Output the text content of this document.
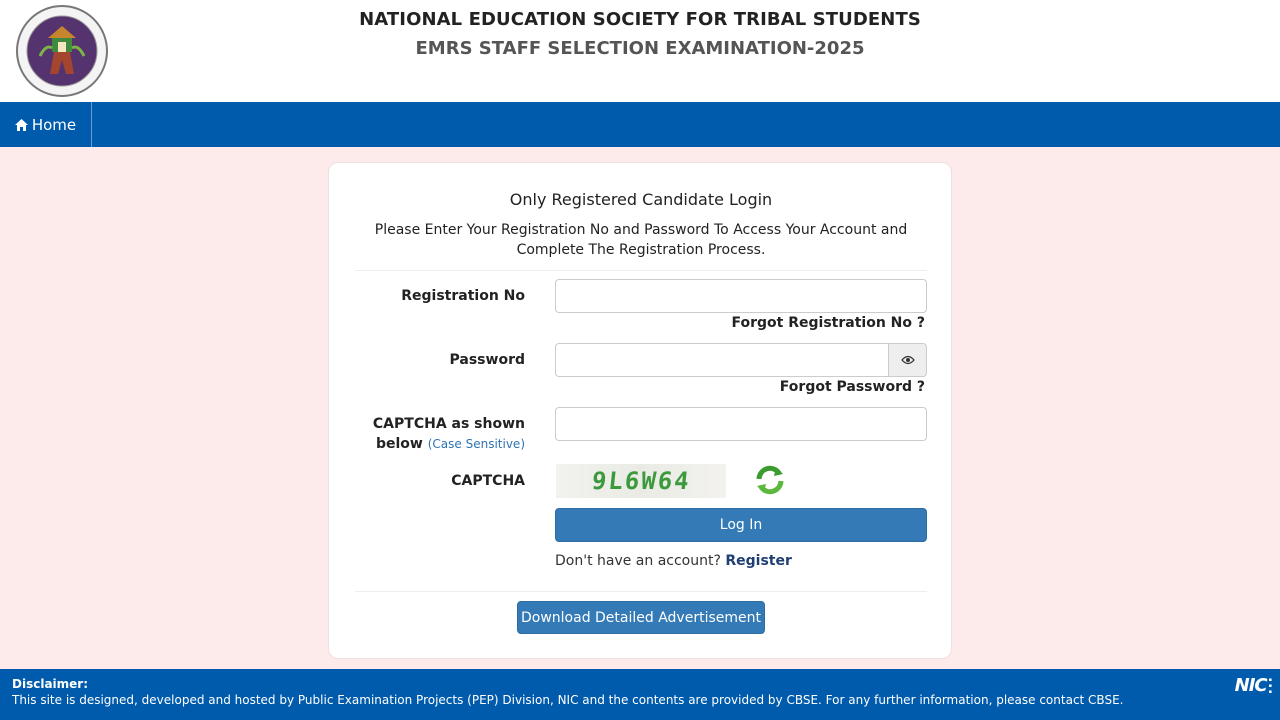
NATIONAL EDUCATION SOCIETY FOR TRIBAL STUDENTS
EMRS STAFF SELECTION EXAMINATION-2025
Home
Only Registered Candidate Login
Please Enter Your Registration No and Password To Access Your Account and Complete The Registration Process.
Registration No
Forgot Registration No ?
Password
Forgot Password ?
CAPTCHA as shown
below (Case Sensitive)
CAPTCHA	9L6W64
Log In
Don't have an account? Register
Download Detailed Advertisement
Disclaimer:
This site is designed, developed and hosted by Public Examination Projects (PEP) Division, NIC and the contents are provided by CBSE. For any further information, please contact CBSE.
NIC ▪
▪
▪
